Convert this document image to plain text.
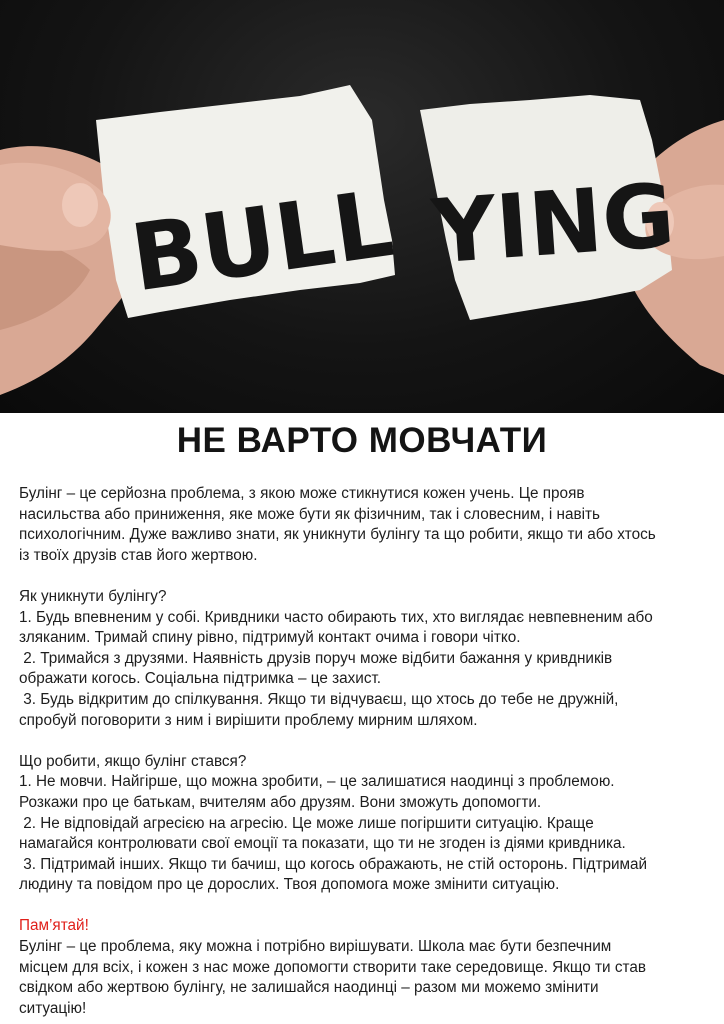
BULL YING
НЕ ВАРТО МОВЧАТИ

Булінг – це серйозна проблема, з якою може стикнутися кожен учень. Це прояв

насильства або приниження, яке може бути як фізичним, так і словесним, і навіть

психологічним. Дуже важливо знати, як уникнути булінгу та що робити, якщо ти або хтось

із твоїх друзів став його жертвою.

Як уникнути булінгу?

1. Будь впевненим у собі. Кривдники часто обирають тих, хто виглядає невпевненим або

зляканим. Тримай спину рівно, підтримуй контакт очима і говори чітко.

2. Тримайся з друзями. Наявність друзів поруч може відбити бажання у кривдників

ображати когось. Соціальна підтримка – це захист.

3. Будь відкритим до спілкування. Якщо ти відчуваєш, що хтось до тебе не дружній,

спробуй поговорити з ним і вирішити проблему мирним шляхом.

Що робити, якщо булінг стався?

1. Не мовчи. Найгірше, що можна зробити, – це залишатися наодинці з проблемою.

Розкажи про це батькам, вчителям або друзям. Вони зможуть допомогти.

2. Не відповідай агресією на агресію. Це може лише погіршити ситуацію. Краще

намагайся контролювати свої емоції та показати, що ти не згоден із діями кривдника.

3. Підтримай інших. Якщо ти бачиш, що когось ображають, не стій осторонь. Підтримай

людину та повідом про це дорослих. Твоя допомога може змінити ситуацію.

Пам’ятай!

Булінг – це проблема, яку можна і потрібно вирішувати. Школа має бути безпечним

місцем для всіх, і кожен з нас може допомогти створити таке середовище. Якщо ти став

свідком або жертвою булінгу, не залишайся наодинці – разом ми можемо змінити

ситуацію!
